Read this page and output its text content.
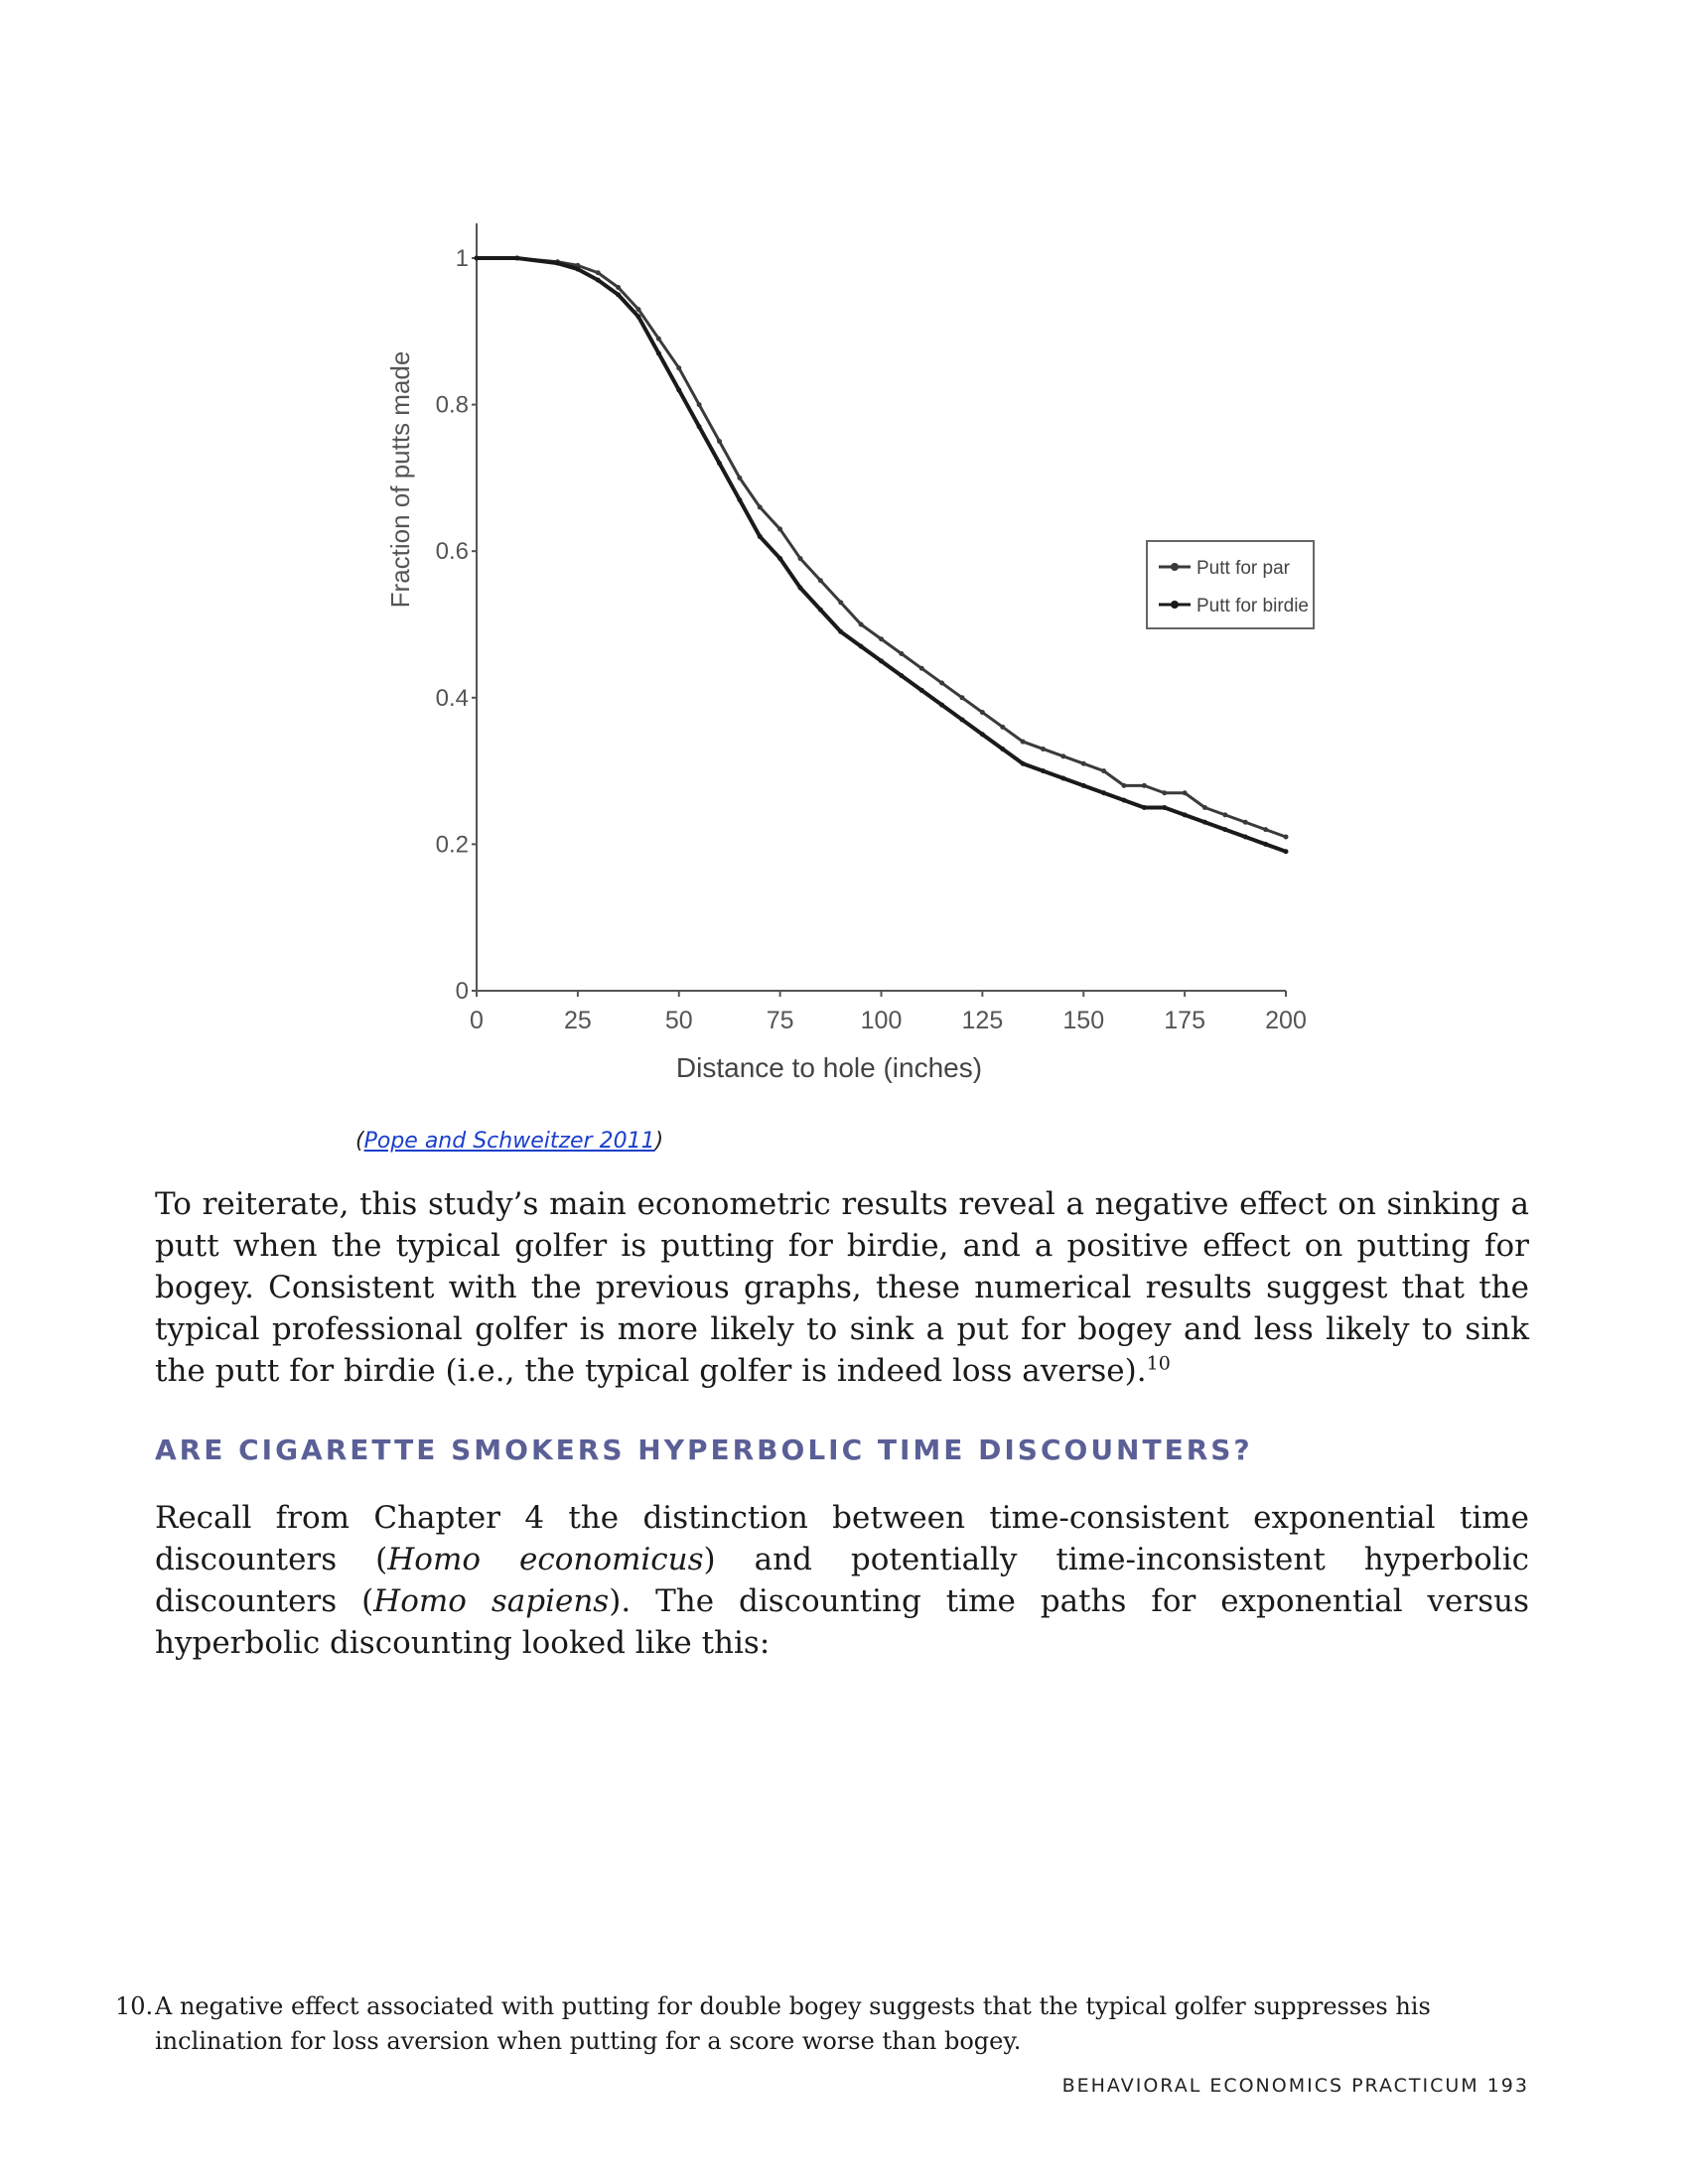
0	25	50	75	100 125 150 175 200
0
0.2
0.4
0.6
0.8
1
Putt for par
Putt for birdie
Distance to hole (inches)
Fraction of putts made
(Pope and Schweitzer 2011)
To reiterate, this study’s main econometric results reveal a negative effect on sinking a putt when the typical golfer is putting for birdie, and a positive effect on putting for bogey. Consistent with the previous graphs, these numerical results suggest that the typical professional golfer is more likely to sink a put for bogey and less likely to sink the putt for birdie (i.e., the typical golfer is indeed loss averse).$^{10}$
ARE CIGARETTE SMOKERS HYPERBOLIC TIME DISCOUNTERS?
Recall from Chapter 4 the distinction between time-consistent exponential time discounters (Homo economicus) and potentially time-inconsistent hyperbolic discounters (Homo sapiens). The discounting time paths for exponential versus hyperbolic discounting looked like this:
10. A negative effect associated with putting for double bogey suggests that the typical golfer suppresses his inclination for loss aversion when putting for a score worse than bogey.
BEHAVIORAL ECONOMICS PRACTICUM 193
